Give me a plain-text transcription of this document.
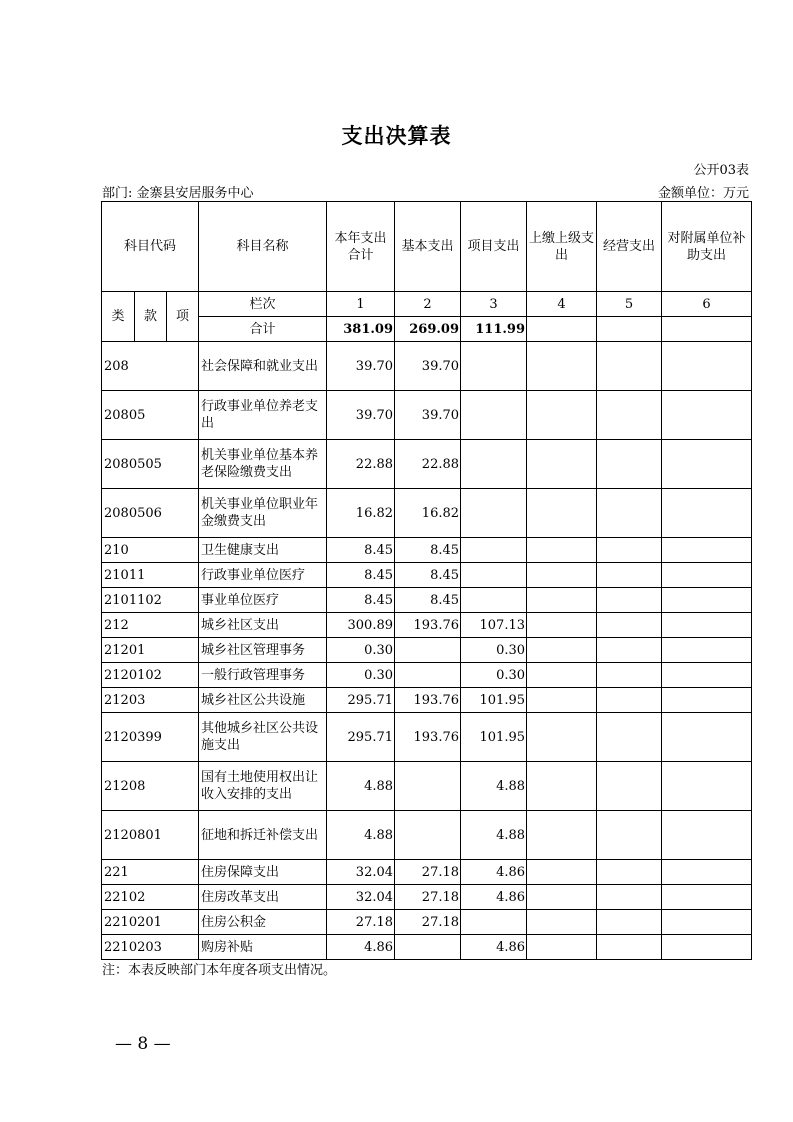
支出决算表
公开03表
部门: 金寨县安居服务中心	金额单位：万元
科目代码			科目名称	本年支出合计	基本支出	项目支出	上缴上级支出	经营支出	对附属单位补助支出
类	款	项	栏次	1	2	3	4	5	6
			合计	381.09	269.09	111.99			
208			社会保障和就业支出	39.70	39.70				
20805			行政事业单位养老支出	39.70	39.70				
2080505			机关事业单位基本养老保险缴费支出	22.88	22.88				
2080506			机关事业单位职业年金缴费支出	16.82	16.82				
210			卫生健康支出	8.45	8.45				
21011			行政事业单位医疗	8.45	8.45				
2101102			事业单位医疗	8.45	8.45				
212			城乡社区支出	300.89	193.76	107.13			
21201			城乡社区管理事务	0.30		0.30			
2120102			一般行政管理事务	0.30		0.30			
21203			城乡社区公共设施	295.71	193.76	101.95			
2120399			其他城乡社区公共设施支出	295.71	193.76	101.95			
21208			国有土地使用权出让收入安排的支出	4.88		4.88			
2120801			征地和拆迁补偿支出	4.88		4.88			
221			住房保障支出	32.04	27.18	4.86			
22102			住房改革支出	32.04	27.18	4.86			
2210201			住房公积金	27.18	27.18				
2210203			购房补贴	4.86		4.86			
注：本表反映部门本年度各项支出情况。
— 8 —
